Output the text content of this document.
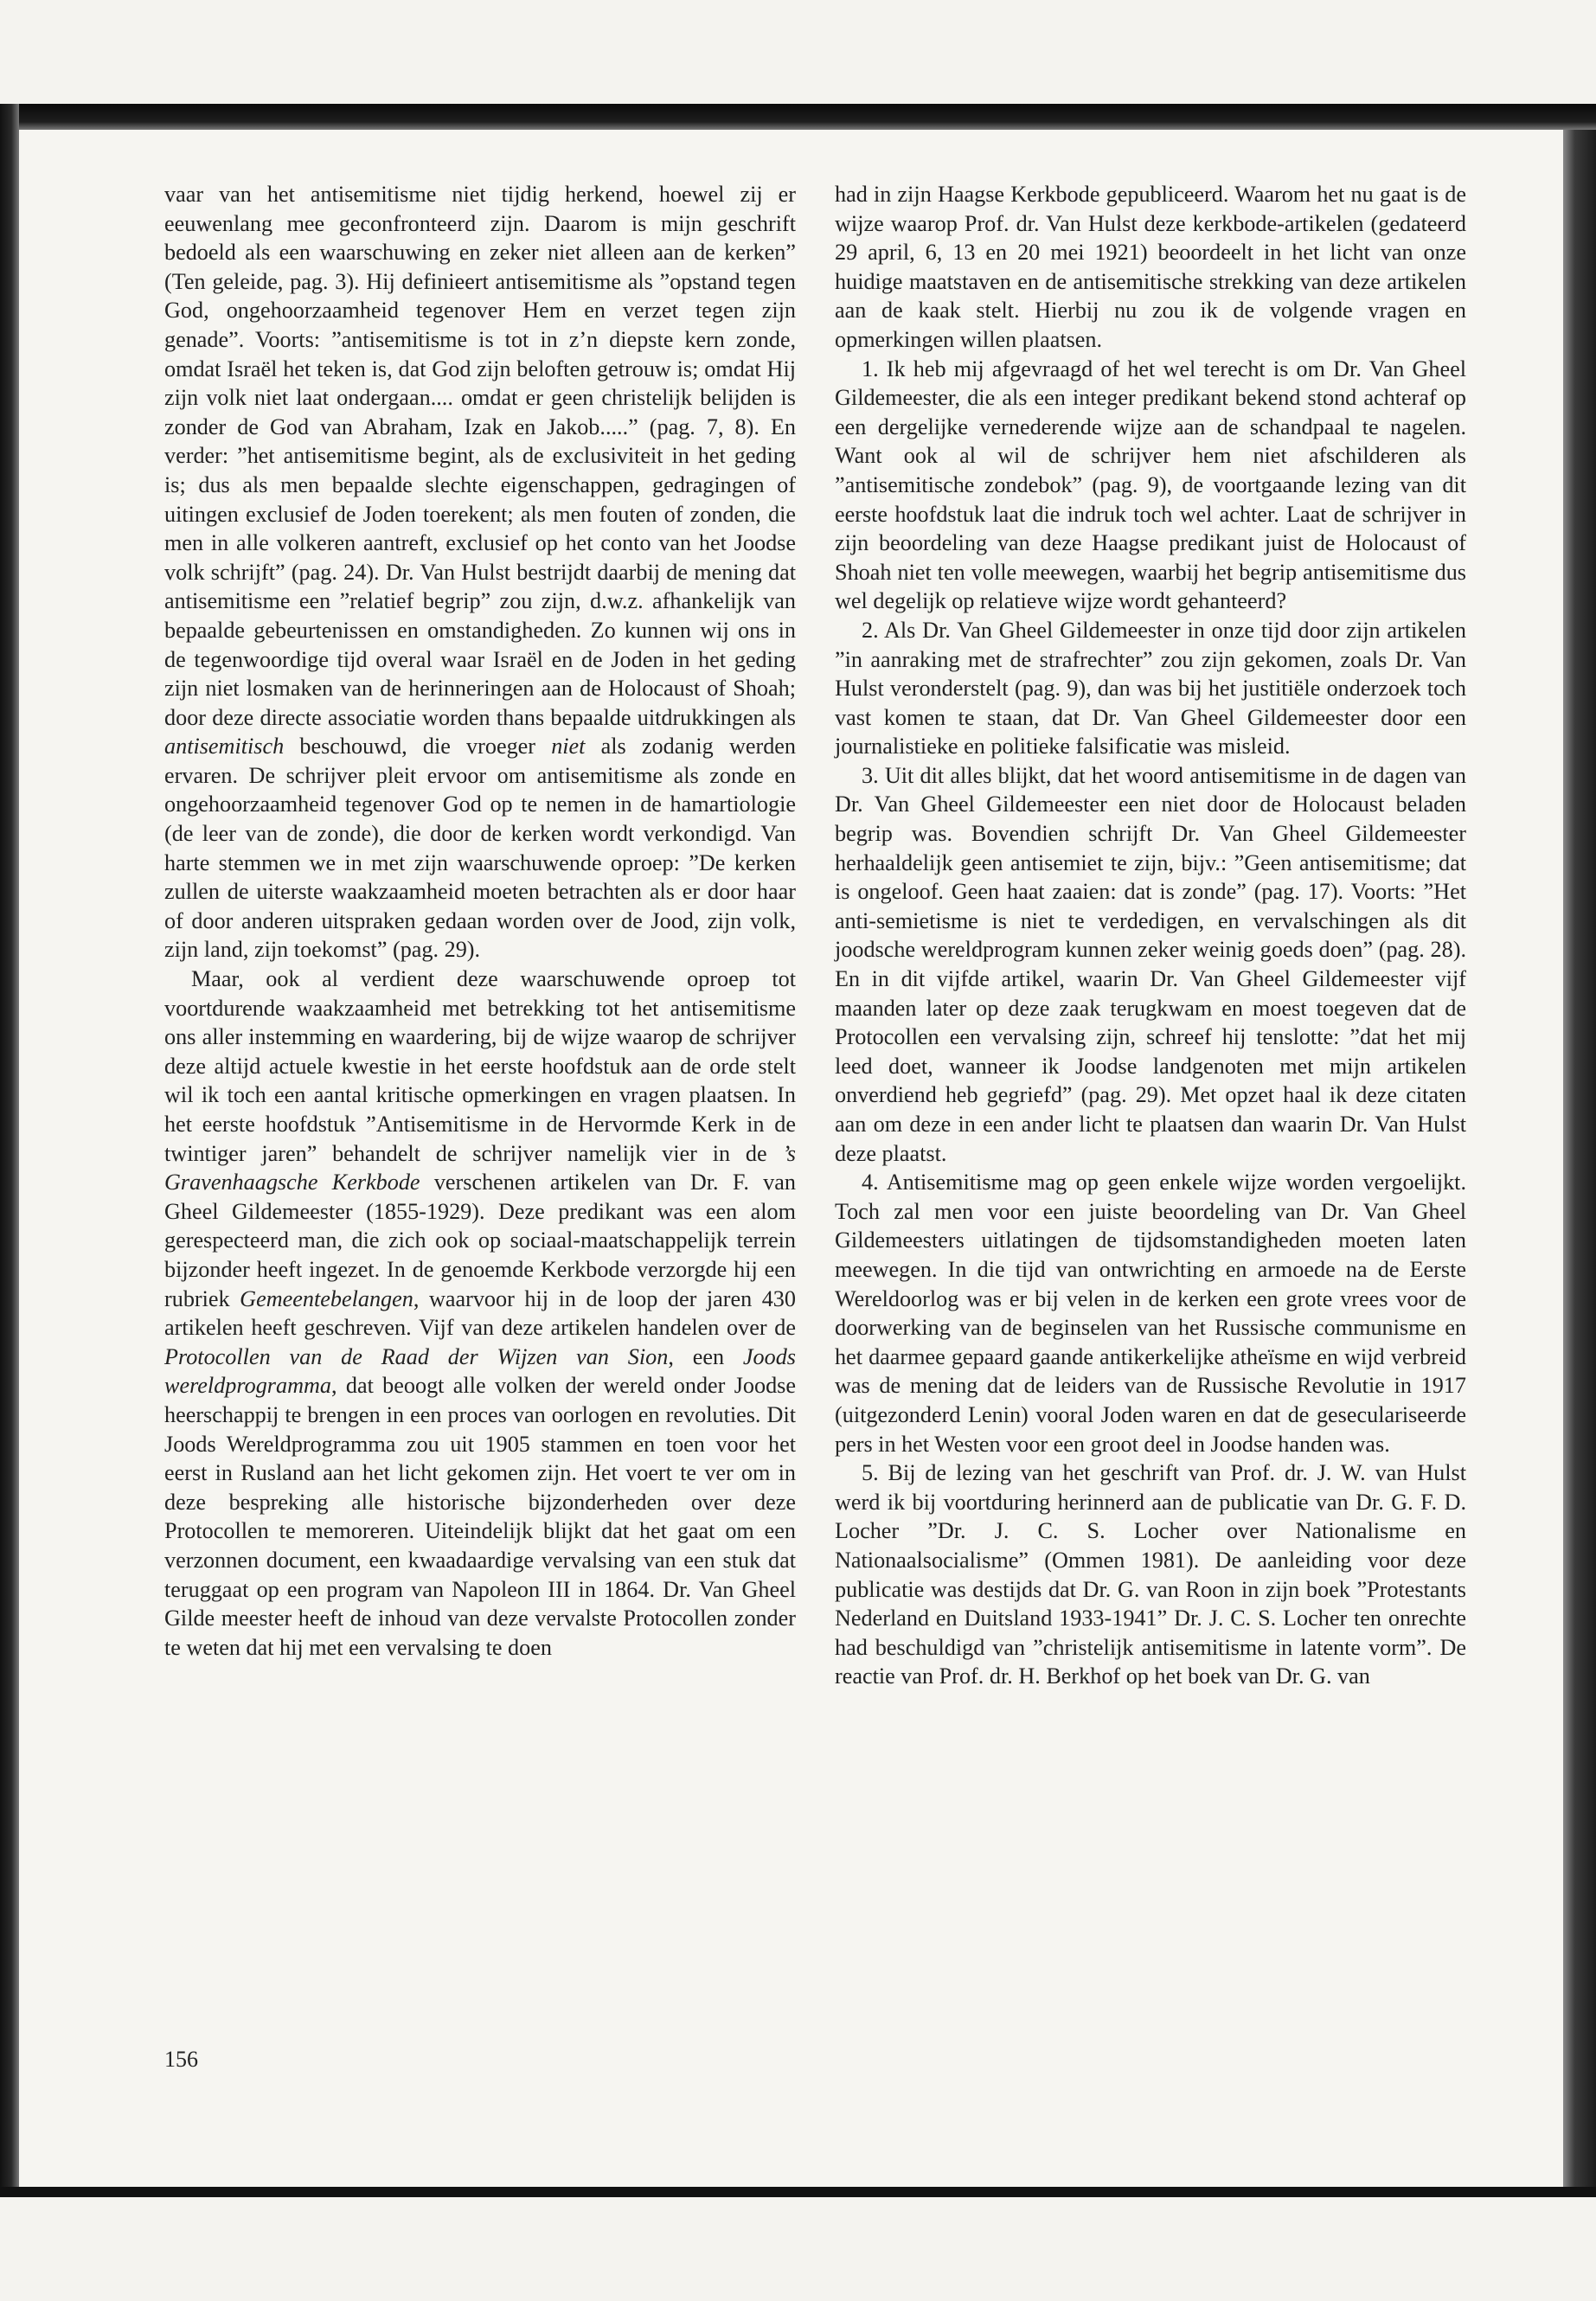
vaar van het antisemitisme niet tijdig herkend, hoewel zij er eeuwenlang mee geconfronteerd zijn. Daarom is mijn geschrift bedoeld als een waarschuwing en zeker niet alleen aan de kerken” (Ten geleide, pag. 3). Hij definieert antisemitisme als ”opstand tegen God, ongehoorzaamheid tegenover Hem en verzet tegen zijn genade”. Voorts: ”antisemitisme is tot in z’n diepste kern zonde, omdat Israël het teken is, dat God zijn beloften getrouw is; omdat Hij zijn volk niet laat ondergaan.... omdat er geen christelijk belijden is zonder de God van Abraham, Izak en Jakob.....” (pag. 7, 8). En verder: ”het antisemitisme begint, als de exclusiviteit in het geding is; dus als men bepaalde slechte eigenschappen, gedragingen of uitingen exclusief de Joden toerekent; als men fouten of zonden, die men in alle volkeren aantreft, exclusief op het conto van het Joodse volk schrijft” (pag. 24). Dr. Van Hulst bestrijdt daarbij de mening dat antisemitisme een ”relatief begrip” zou zijn, d.w.z. afhankelijk van bepaalde gebeurtenissen en omstandigheden. Zo kunnen wij ons in de tegenwoordige tijd overal waar Israël en de Joden in het geding zijn niet losmaken van de herinneringen aan de Holocaust of Shoah; door deze directe associatie worden thans bepaalde uitdrukkingen als antisemitisch beschouwd, die vroeger niet als zodanig werden ervaren. De schrijver pleit ervoor om antisemitisme als zonde en ongehoorzaamheid tegenover God op te nemen in de hamartiologie (de leer van de zonde), die door de kerken wordt verkondigd. Van harte stemmen we in met zijn waarschuwende oproep: ”De kerken zullen de uiterste waakzaamheid moeten betrachten als er door haar of door anderen uitspraken gedaan worden over de Jood, zijn volk, zijn land, zijn toekomst” (pag. 29).

Maar, ook al verdient deze waarschuwende oproep tot voortdurende waakzaamheid met betrekking tot het antisemitisme ons aller instemming en waardering, bij de wijze waarop de schrijver deze altijd actuele kwestie in het eerste hoofdstuk aan de orde stelt wil ik toch een aantal kritische opmerkingen en vragen plaatsen. In het eerste hoofdstuk ”Antisemitisme in de Hervormde Kerk in de twintiger jaren” behandelt de schrijver namelijk vier in de ’s Gravenhaagsche Kerkbode verschenen artikelen van Dr. F. van Gheel Gildemeester (1855-1929). Deze predikant was een alom gerespecteerd man, die zich ook op sociaal-maatschappelijk terrein bijzonder heeft ingezet. In de genoemde Kerkbode verzorgde hij een rubriek Gemeentebelangen, waarvoor hij in de loop der jaren 430 artikelen heeft geschreven. Vijf van deze artikelen handelen over de Protocollen van de Raad der Wijzen van Sion, een Joods wereldprogramma, dat beoogt alle volken der wereld onder Joodse heerschappij te brengen in een proces van oorlogen en revoluties. Dit Joods Wereldprogramma zou uit 1905 stammen en toen voor het eerst in Rusland aan het licht gekomen zijn. Het voert te ver om in deze bespreking alle historische bijzonderheden over deze Protocollen te memoreren. Uiteindelijk blijkt dat het gaat om een verzonnen document, een kwaadaardige vervalsing van een stuk dat teruggaat op een program van Napoleon III in 1864. Dr. Van Gheel Gilde meester heeft de inhoud van deze vervalste Protocollen zonder te weten dat hij met een vervalsing te doen

had in zijn Haagse Kerkbode gepubliceerd. Waarom het nu gaat is de wijze waarop Prof. dr. Van Hulst deze kerkbode-artikelen (gedateerd 29 april, 6, 13 en 20 mei 1921) beoordeelt in het licht van onze huidige maatstaven en de antisemitische strekking van deze artikelen aan de kaak stelt. Hierbij nu zou ik de volgende vragen en opmerkingen willen plaatsen.

1. Ik heb mij afgevraagd of het wel terecht is om Dr. Van Gheel Gildemeester, die als een integer predikant bekend stond achteraf op een dergelijke vernederende wijze aan de schandpaal te nagelen. Want ook al wil de schrijver hem niet afschilderen als ”antisemitische zondebok” (pag. 9), de voortgaande lezing van dit eerste hoofdstuk laat die indruk toch wel achter. Laat de schrijver in zijn beoordeling van deze Haagse predikant juist de Holocaust of Shoah niet ten volle meewegen, waarbij het begrip antisemitisme dus wel degelijk op relatieve wijze wordt gehanteerd?

2. Als Dr. Van Gheel Gildemeester in onze tijd door zijn artikelen ”in aanraking met de strafrechter” zou zijn gekomen, zoals Dr. Van Hulst veronderstelt (pag. 9), dan was bij het justitiële onderzoek toch vast komen te staan, dat Dr. Van Gheel Gildemeester door een journalistieke en politieke falsificatie was misleid.

3. Uit dit alles blijkt, dat het woord antisemitisme in de dagen van Dr. Van Gheel Gildemeester een niet door de Holocaust beladen begrip was. Bovendien schrijft Dr. Van Gheel Gildemeester herhaaldelijk geen antisemiet te zijn, bijv.: ”Geen antisemitisme; dat is ongeloof. Geen haat zaaien: dat is zonde” (pag. 17). Voorts: ”Het anti-semietisme is niet te verdedigen, en vervalschingen als dit joodsche wereldprogram kunnen zeker weinig goeds doen” (pag. 28). En in dit vijfde artikel, waarin Dr. Van Gheel Gildemeester vijf maanden later op deze zaak terugkwam en moest toegeven dat de Protocollen een vervalsing zijn, schreef hij tenslotte: ”dat het mij leed doet, wanneer ik Joodse landgenoten met mijn artikelen onverdiend heb gegriefd” (pag. 29). Met opzet haal ik deze citaten aan om deze in een ander licht te plaatsen dan waarin Dr. Van Hulst deze plaatst.

4. Antisemitisme mag op geen enkele wijze worden vergoelijkt. Toch zal men voor een juiste beoordeling van Dr. Van Gheel Gildemeesters uitlatingen de tijdsomstandigheden moeten laten meewegen. In die tijd van ontwrichting en armoede na de Eerste Wereldoorlog was er bij velen in de kerken een grote vrees voor de doorwerking van de beginselen van het Russische communisme en het daarmee gepaard gaande antikerkelijke atheïsme en wijd verbreid was de mening dat de leiders van de Russische Revolutie in 1917 (uitgezonderd Lenin) vooral Joden waren en dat de geseculariseerde pers in het Westen voor een groot deel in Joodse handen was.

5. Bij de lezing van het geschrift van Prof. dr. J. W. van Hulst werd ik bij voortduring herinnerd aan de publicatie van Dr. G. F. D. Locher ”Dr. J. C. S. Locher over Nationalisme en Nationaalsocialisme” (Ommen 1981). De aanleiding voor deze publicatie was destijds dat Dr. G. van Roon in zijn boek ”Protestants Nederland en Duitsland 1933-1941” Dr. J. C. S. Locher ten onrechte had beschuldigd van ”christelijk antisemitisme in latente vorm”. De reactie van Prof. dr. H. Berkhof op het boek van Dr. G. van

156
